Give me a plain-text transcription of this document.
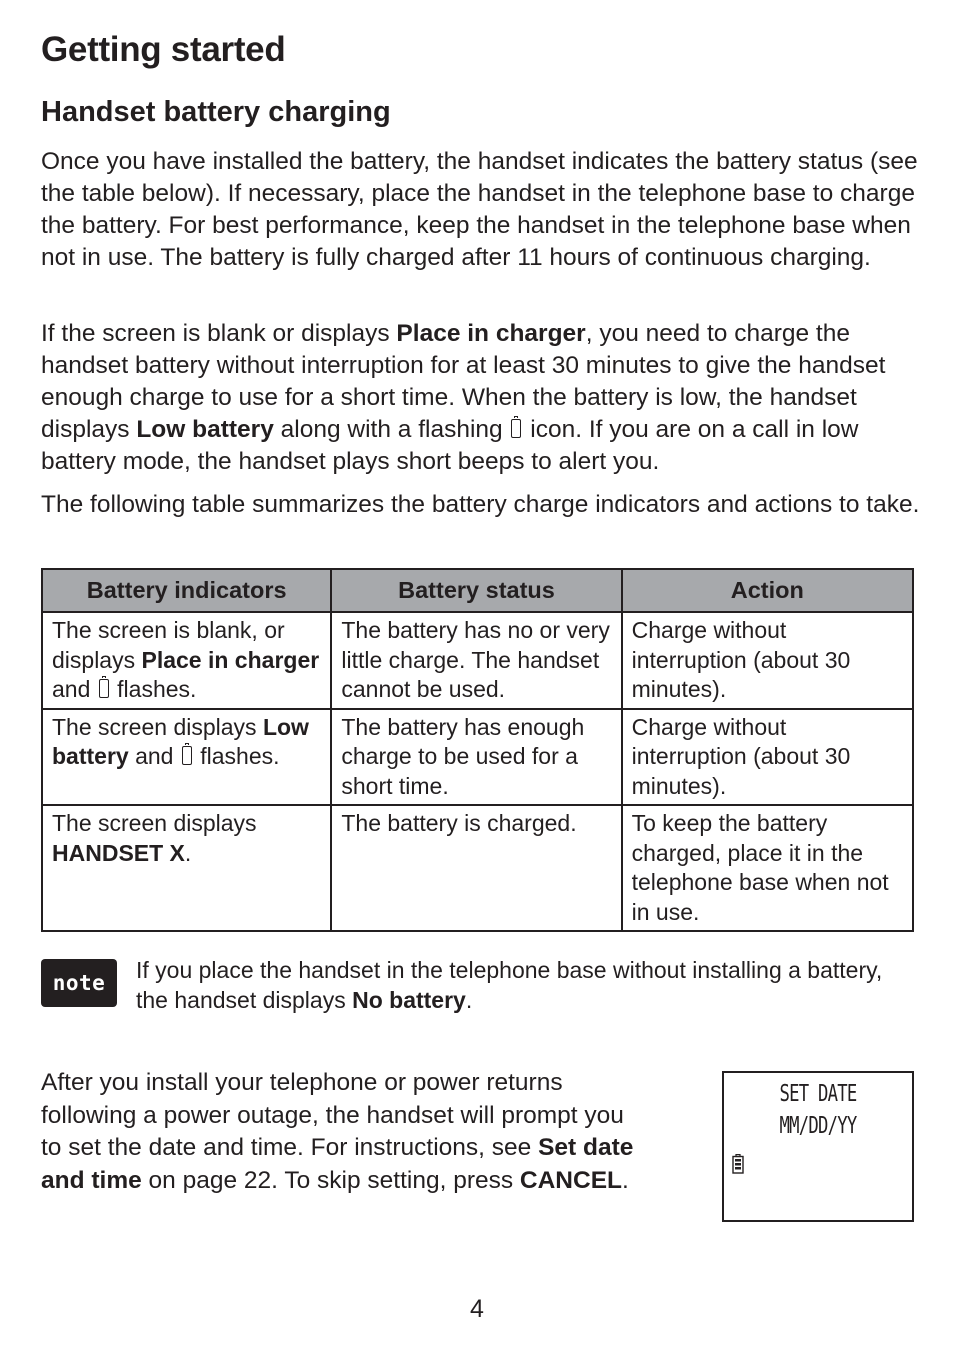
Getting started
Handset battery charging

Once you have installed the battery, the handset indicates the battery status (see the table below). If necessary, place the handset in the telephone base to charge the battery. For best performance, keep the handset in the telephone base when not in use. The battery is fully charged after 11 hours of continuous charging.

If the screen is blank or displays Place in charger, you need to charge the handset battery without interruption for at least 30 minutes to give the handset enough charge to use for a short time. When the battery is low, the handset displays Low battery along with a flashing  icon. If you are on a call in low battery mode, the handset plays short beeps to alert you.

The following table summarizes the battery charge indicators and actions to take.

Battery indicators	Battery status	Action
The screen is blank, or displays Place in charger and  flashes.	The battery has no or very little charge. The handset cannot be used.	Charge without interruption (about 30 minutes).
The screen displays Low battery and  flashes.	The battery has enough charge to be used for a short time.	Charge without interruption (about 30 minutes).
The screen displays HANDSET X.	The battery is charged.	To keep the battery charged, place it in the telephone base when not in use.
note	If you place the handset in the telephone base without installing a battery, the handset displays No battery.

After you install your telephone or power returns following a power outage, the handset will prompt you to set the date and time. For instructions, see Set date and time on page 22. To skip setting, press CANCEL.

SET DATE
MM/DD/YY
4
